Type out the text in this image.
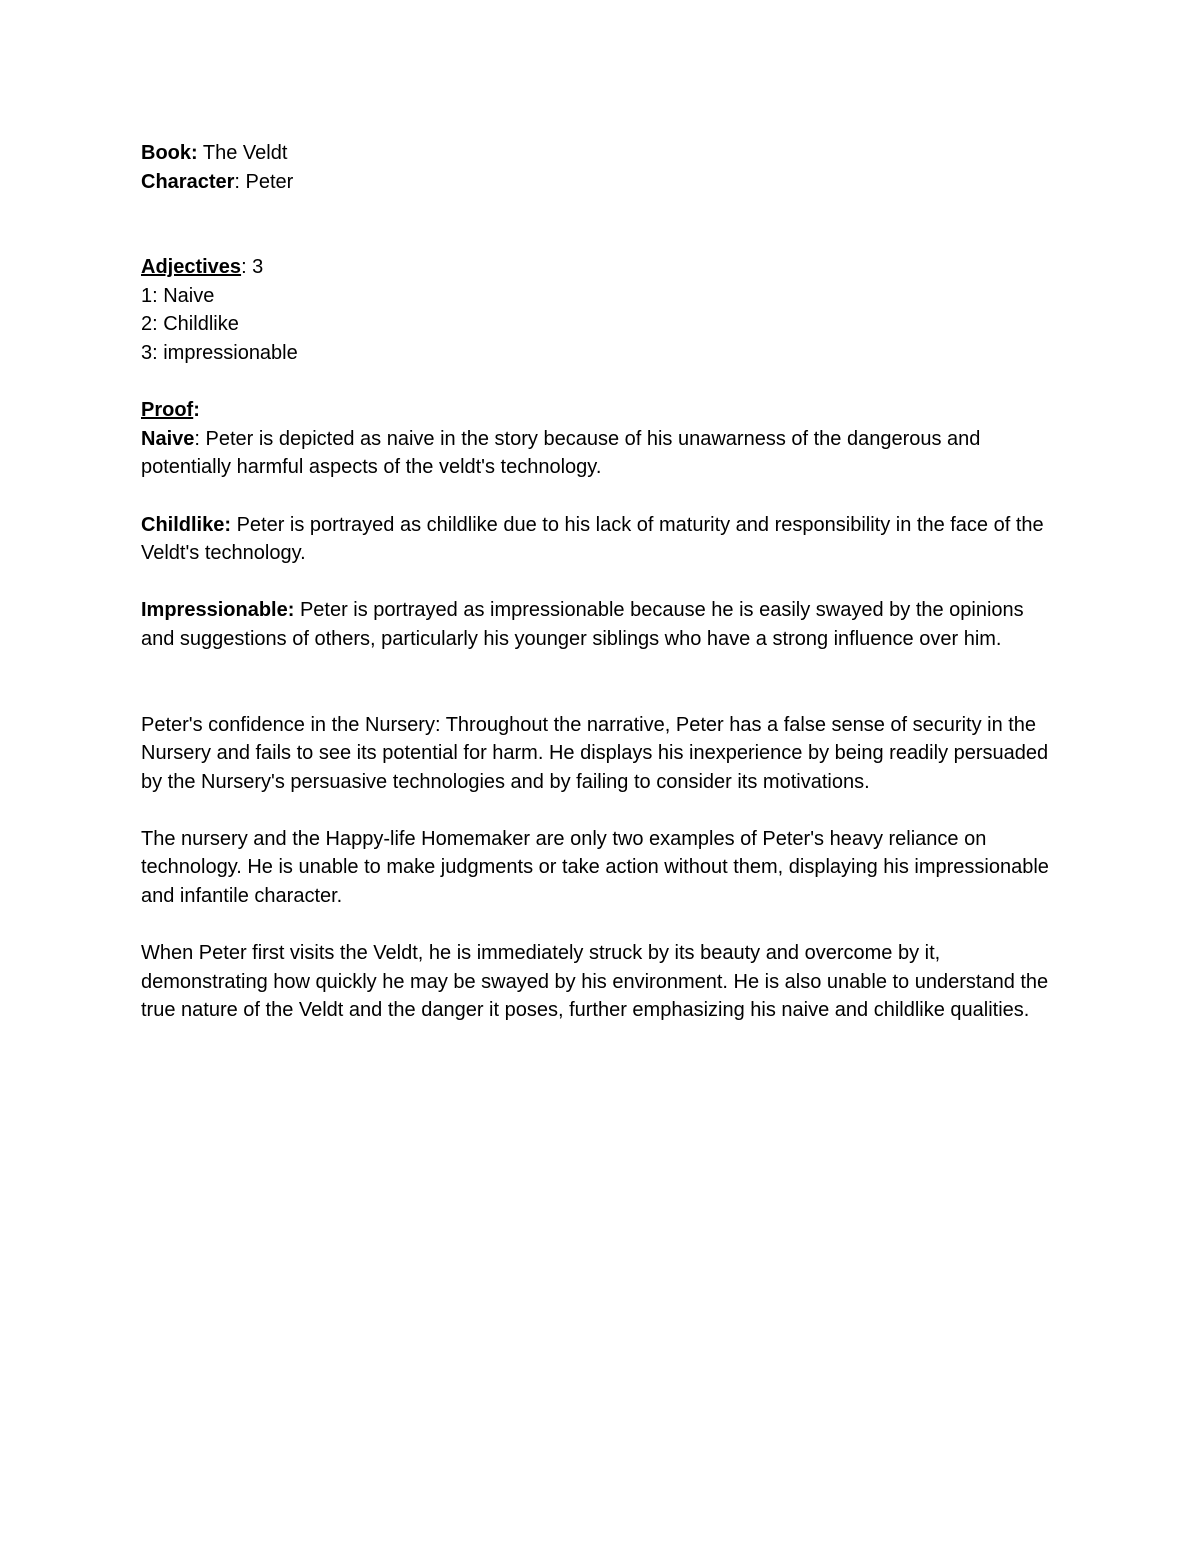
Book: The Veldt
Character: Peter
Adjectives: 3
1: Naive
2: Childlike
3: impressionable
Proof:

Naive: Peter is depicted as naive in the story because of his unawarness of the dangerous and potentially harmful aspects of the veldt's technology.

Childlike: Peter is portrayed as childlike due to his lack of maturity and responsibility in the face of the Veldt's technology.

Impressionable: Peter is portrayed as impressionable because he is easily swayed by the opinions and suggestions of others, particularly his younger siblings who have a strong influence over him.

Peter's confidence in the Nursery: Throughout the narrative, Peter has a false sense of security in the Nursery and fails to see its potential for harm. He displays his inexperience by being readily persuaded by the Nursery's persuasive technologies and by failing to consider its motivations.

The nursery and the Happy-life Homemaker are only two examples of Peter's heavy reliance on technology. He is unable to make judgments or take action without them, displaying his impressionable and infantile character.

When Peter first visits the Veldt, he is immediately struck by its beauty and overcome by it, demonstrating how quickly he may be swayed by his environment. He is also unable to understand the true nature of the Veldt and the danger it poses, further emphasizing his naive and childlike qualities.
